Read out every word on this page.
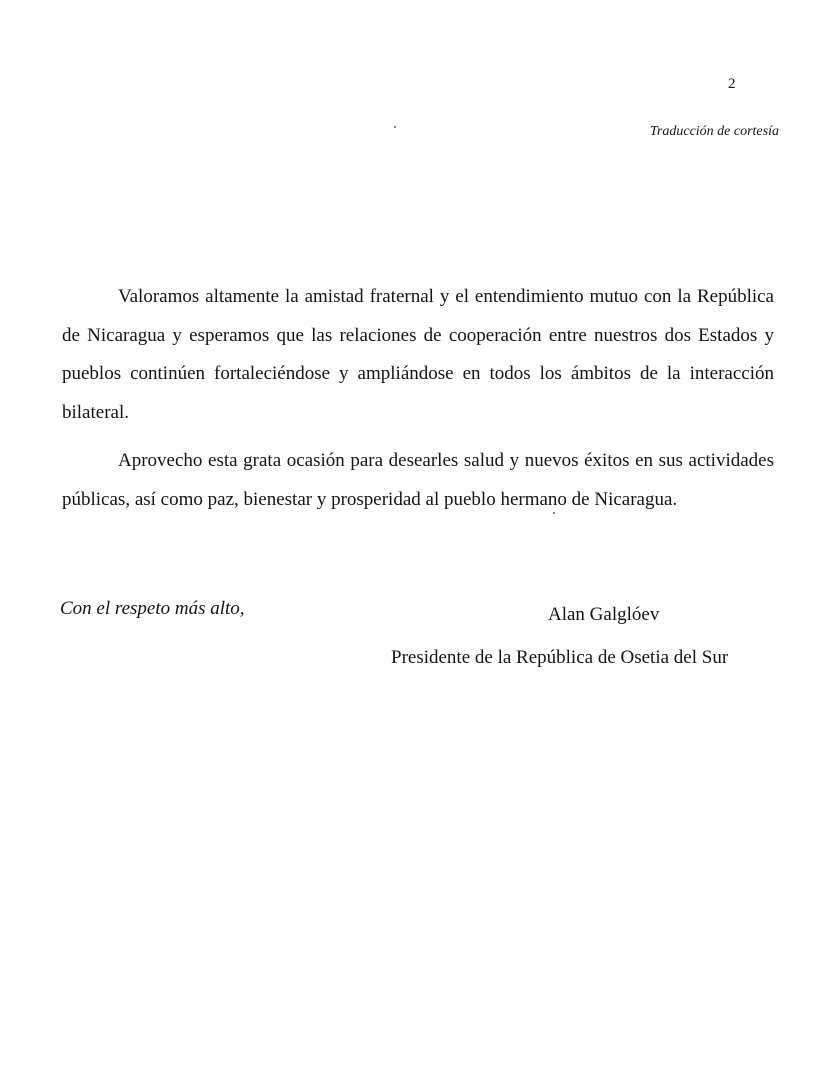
2
Traducción de cortesía

Valoramos altamente la amistad fraternal y el entendimiento mutuo con la República de Nicaragua y esperamos que las relaciones de cooperación entre nuestros dos Estados y pueblos continúen fortaleciéndose y ampliándose en todos los ámbitos de la interacción bilateral.

Aprovecho esta grata ocasión para desearles salud y nuevos éxitos en sus actividades públicas, así como paz, bienestar y prosperidad al pueblo hermano de Nicaragua.

Con el respeto más alto,	Alan Galglóev
Presidente de la República de Osetia del Sur
